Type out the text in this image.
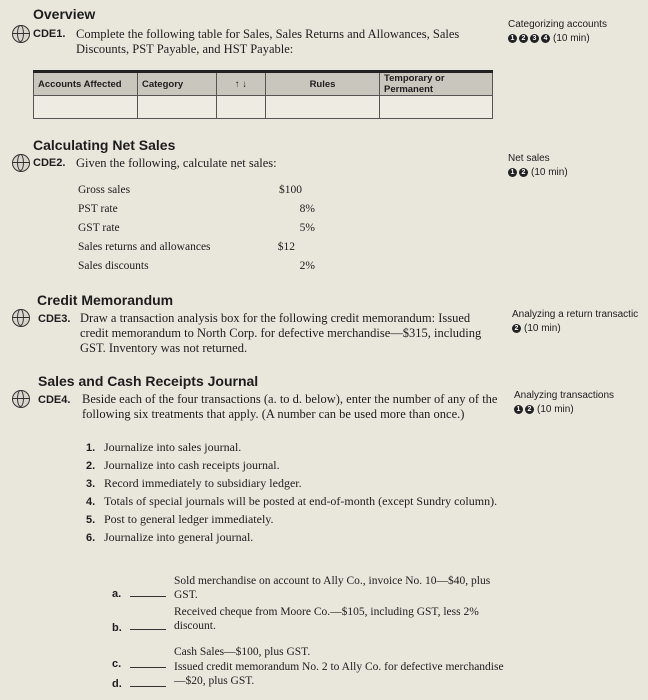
Overview
CDE1. Complete the following table for Sales, Sales Returns and Allowances, Sales Discounts, PST Payable, and HST Payable:
Categorizing accounts
1	2	3	4 (10 min)
Accounts Affected	Category	↑ ↓	Rules	Temporary or Permanent

Calculating Net Sales
CDE2. Given the following, calculate net sales:	Net sales
1	2 (10 min)
Gross sales	$100
PST rate	8%
GST rate	5%
Sales returns and allowances	$12
Sales discounts	2%
Credit Memorandum
CDE3. Draw a transaction analysis box for the following credit memorandum: Issued credit memorandum to North Corp. for defective merchandise—$315, including GST. Inventory was not returned.
Analyzing a return transactic
2 (10 min)
Sales and Cash Receipts Journal
CDE4. Beside each of the four transactions (a. to d. below), enter the number of any of the following six treatments that apply. (A number can be used more than once.)
Analyzing transactions
1	2 (10 min)
1. Journalize into sales journal.
2. Journalize into cash receipts journal.
3. Record immediately to subsidiary ledger.
4. Totals of special journals will be posted at end-of-month (except Sundry column).
5. Post to general ledger immediately.
6. Journalize into general journal.
a.
Sold merchandise on account to Ally Co., invoice No. 10—$40, plus GST.
b.
Received cheque from Moore Co.—$105, including GST, less 2% discount.
c.
Cash Sales—$100, plus GST.
d.
Issued credit memorandum No. 2 to Ally Co. for defective merchandise—$20, plus GST.
